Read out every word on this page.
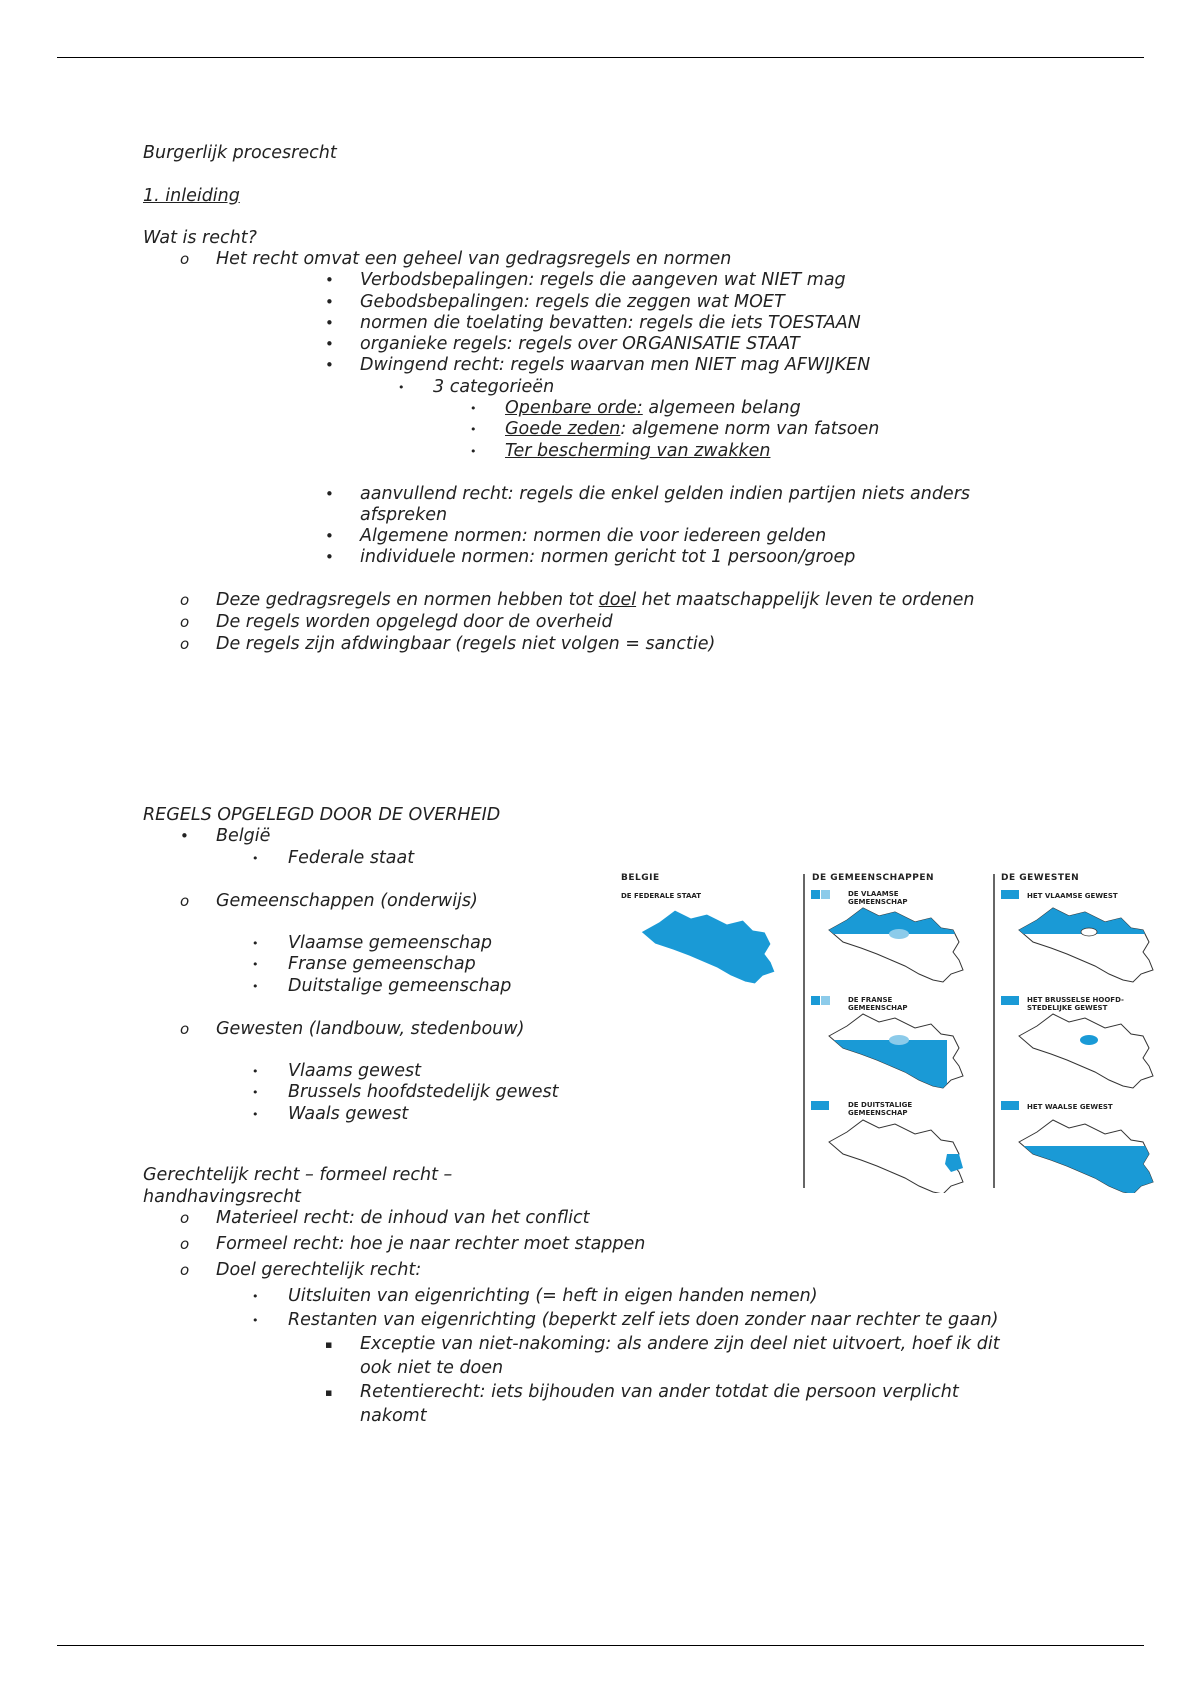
Burgerlijk procesrecht
1. inleiding
Wat is recht?
o Het recht omvat een geheel van gedragsregels en normen
• Verbodsbepalingen: regels die aangeven wat NIET mag
• Gebodsbepalingen: regels die zeggen wat MOET
• normen die toelating bevatten: regels die iets TOESTAAN
• organieke regels: regels over ORGANISATIE STAAT
• Dwingend recht: regels waarvan men NIET mag AFWIJKEN
• 3 categorieën
• Openbare orde: algemeen belang
• Goede zeden: algemene norm van fatsoen
• Ter bescherming van zwakken
• aanvullend recht: regels die enkel gelden indien partijen niets anders
afspreken
• Algemene normen: normen die voor iedereen gelden
• individuele normen: normen gericht tot 1 persoon/groep
o Deze gedragsregels en normen hebben tot doel het maatschappelijk leven te ordenen
o De regels worden opgelegd door de overheid
o De regels zijn afdwingbaar (regels niet volgen = sanctie)
REGELS OPGELEGD DOOR DE OVERHEID
• België
• Federale staat
o Gemeenschappen (onderwijs)
• Vlaamse gemeenschap
• Franse gemeenschap
• Duitstalige gemeenschap
o Gewesten (landbouw, stedenbouw)
• Vlaams gewest
• Brussels hoofdstedelijk gewest
• Waals gewest
Gerechtelijk recht – formeel recht –
handhavingsrecht
o Materieel recht: de inhoud van het conflict
o Formeel recht: hoe je naar rechter moet stappen
o Doel gerechtelijk recht:
• Uitsluiten van eigenrichting (= heft in eigen handen nemen)
• Restanten van eigenrichting (beperkt zelf iets doen zonder naar rechter te gaan)
▪ Exceptie van niet-nakoming: als andere zijn deel niet uitvoert, hoef ik dit
ook niet te doen
▪ Retentierecht: iets bijhouden van ander totdat die persoon verplicht
nakomt
BELGIE	DE GEMEENSCHAPPEN	DE GEWESTEN
DE FEDERALE STAAT	DE VLAAMSE
GEMEENSCHAP
DE FRANSE
GEMEENSCHAP
DE DUITSTALIGE
GEMEENSCHAP
HET VLAAMSE GEWEST
HET BRUSSELSE HOOFD-
STEDELIJKE GEWEST
HET WAALSE GEWEST
